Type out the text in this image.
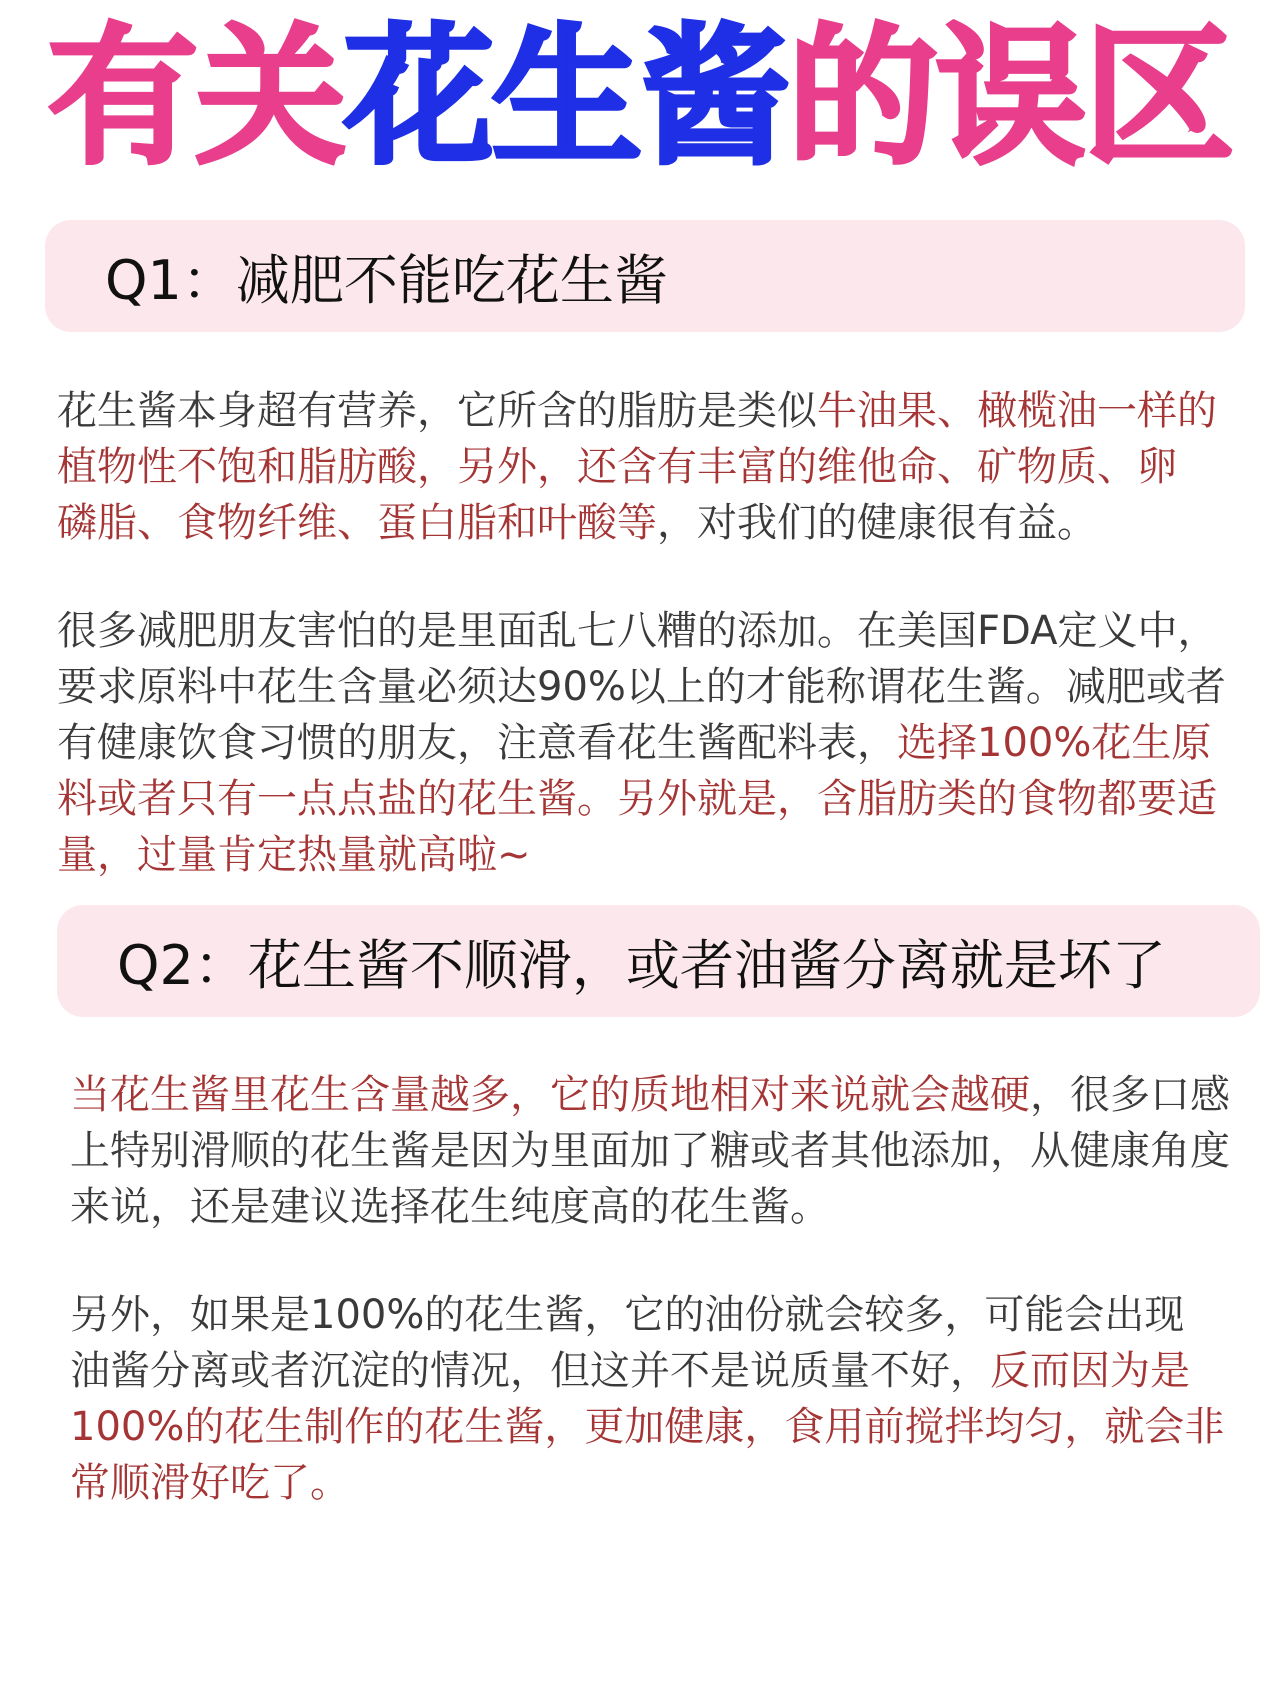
有关花生酱的误区
Q1：减肥不能吃花生酱
花生酱本身超有营养，它所含的脂肪是类似牛油果、橄榄油一样的
植物性不饱和脂肪酸，另外，还含有丰富的维他命、矿物质、卵
磷脂、食物纤维、蛋白脂和叶酸等，对我们的健康很有益。
很多减肥朋友害怕的是里面乱七八糟的添加。在美国FDA定义中，
要求原料中花生含量必须达90%以上的才能称谓花生酱。减肥或者
有健康饮食习惯的朋友，注意看花生酱配料表，选择100%花生原
料或者只有一点点盐的花生酱。另外就是，含脂肪类的食物都要适
量，过量肯定热量就高啦~
Q2：花生酱不顺滑，或者油酱分离就是坏了
当花生酱里花生含量越多，它的质地相对来说就会越硬，很多口感
上特别滑顺的花生酱是因为里面加了糖或者其他添加，从健康角度
来说，还是建议选择花生纯度高的花生酱。
另外，如果是100%的花生酱，它的油份就会较多，可能会出现
油酱分离或者沉淀的情况，但这并不是说质量不好，反而因为是
100%的花生制作的花生酱，更加健康，食用前搅拌均匀，就会非
常顺滑好吃了。
